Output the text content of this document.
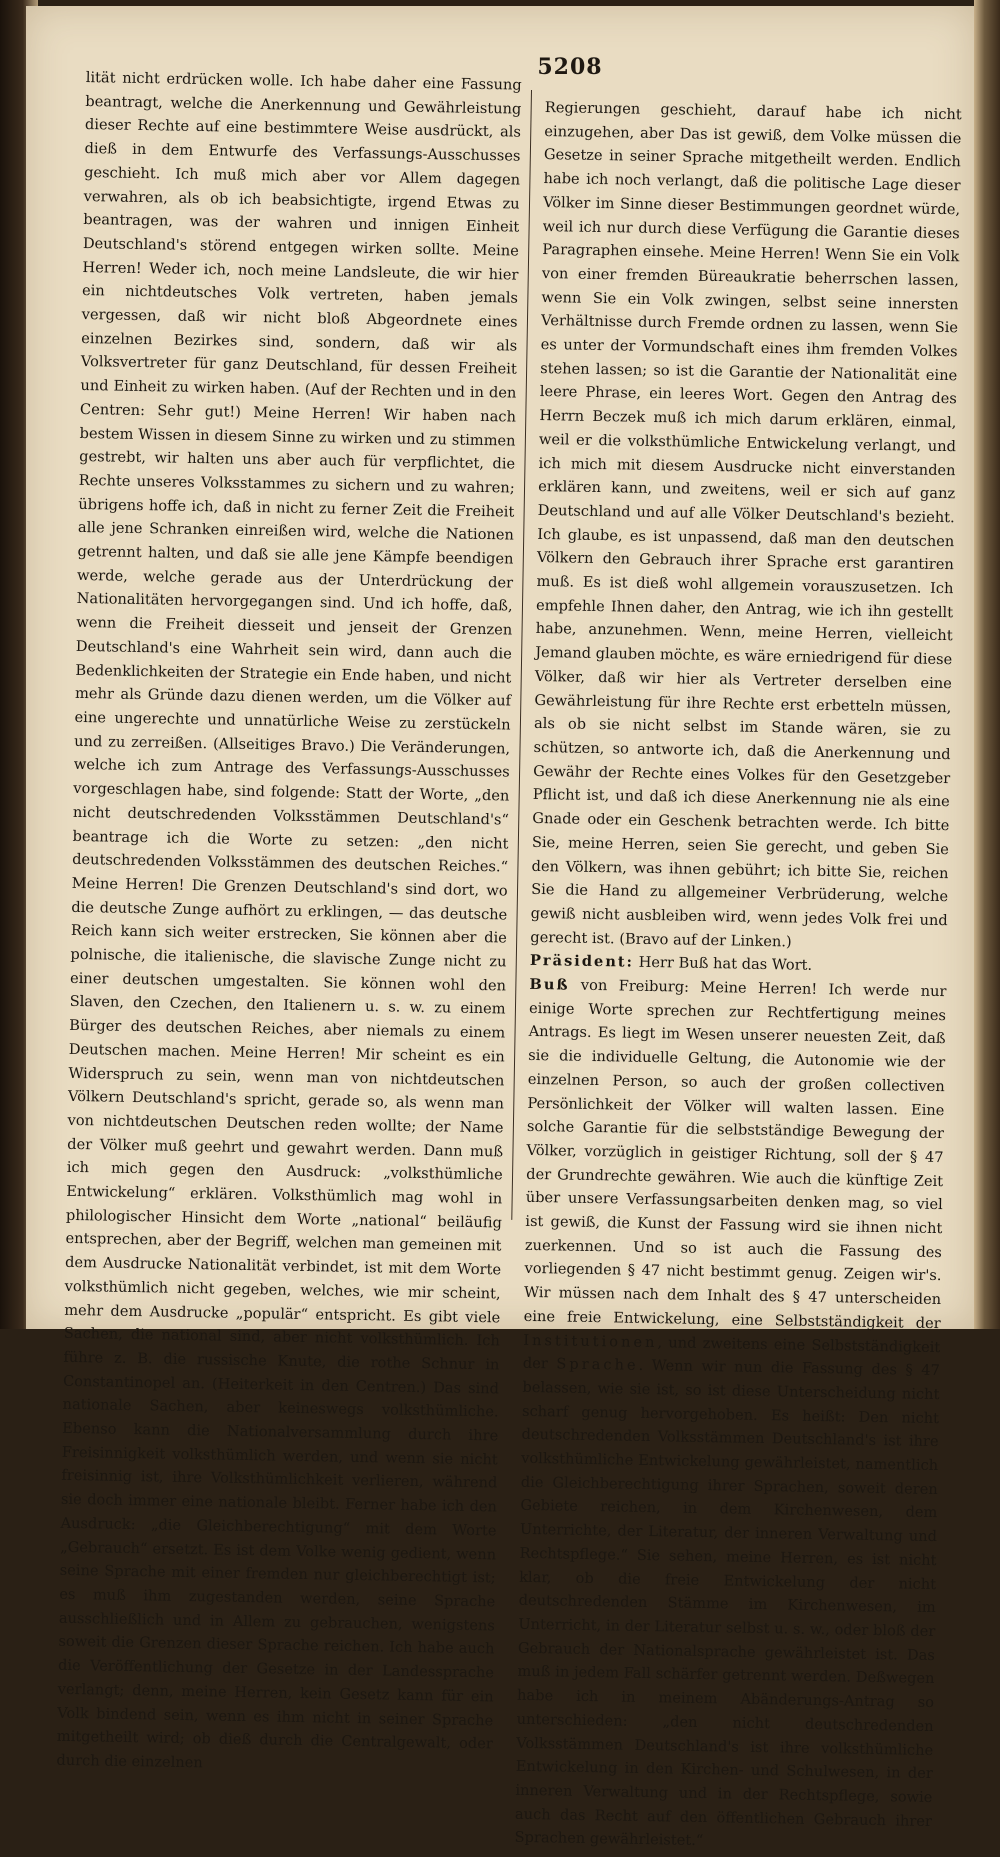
5208

lität nicht erdrücken wolle. Ich habe daher eine Fassung beantragt, welche die Anerkennung und Gewährleistung dieser Rechte auf eine bestimmtere Weise ausdrückt, als dieß in dem Entwurfe des Verfassungs-Ausschusses geschieht. Ich muß mich aber vor Allem dagegen verwahren, als ob ich beabsichtigte, irgend Etwas zu beantragen, was der wahren und innigen Einheit Deutschland's störend entgegen wirken sollte. Meine Herren! Weder ich, noch meine Landsleute, die wir hier ein nichtdeutsches Volk vertreten, haben jemals vergessen, daß wir nicht bloß Abgeordnete eines einzelnen Bezirkes sind, sondern, daß wir als Volksvertreter für ganz Deutschland, für dessen Freiheit und Einheit zu wirken haben. (Auf der Rechten und in den Centren: Sehr gut!) Meine Herren! Wir haben nach bestem Wissen in diesem Sinne zu wirken und zu stimmen gestrebt, wir halten uns aber auch für verpflichtet, die Rechte unseres Volksstammes zu sichern und zu wahren; übrigens hoffe ich, daß in nicht zu ferner Zeit die Freiheit alle jene Schranken einreißen wird, welche die Nationen getrennt halten, und daß sie alle jene Kämpfe beendigen werde, welche gerade aus der Unterdrückung der Nationalitäten hervorgegangen sind. Und ich hoffe, daß, wenn die Freiheit diesseit und jenseit der Grenzen Deutschland's eine Wahrheit sein wird, dann auch die Bedenklichkeiten der Strategie ein Ende haben, und nicht mehr als Gründe dazu dienen werden, um die Völker auf eine ungerechte und unnatürliche Weise zu zerstückeln und zu zerreißen. (Allseitiges Bravo.) Die Veränderungen, welche ich zum Antrage des Verfassungs-Ausschusses vorgeschlagen habe, sind folgende: Statt der Worte, „den nicht deutschredenden Volksstämmen Deutschland's“ beantrage ich die Worte zu setzen: „den nicht deutschredenden Volksstämmen des deutschen Reiches.“ Meine Herren! Die Grenzen Deutschland's sind dort, wo die deutsche Zunge aufhört zu erklingen, — das deutsche Reich kann sich weiter erstrecken, Sie können aber die polnische, die italienische, die slavische Zunge nicht zu einer deutschen umgestalten. Sie können wohl den Slaven, den Czechen, den Italienern u. s. w. zu einem Bürger des deutschen Reiches, aber niemals zu einem Deutschen machen. Meine Herren! Mir scheint es ein Widerspruch zu sein, wenn man von nichtdeutschen Völkern Deutschland's spricht, gerade so, als wenn man von nichtdeutschen Deutschen reden wollte; der Name der Völker muß geehrt und gewahrt werden. Dann muß ich mich gegen den Ausdruck: „volksthümliche Entwickelung“ erklären. Volksthümlich mag wohl in philologischer Hinsicht dem Worte „national“ beiläufig entsprechen, aber der Begriff, welchen man gemeinen mit dem Ausdrucke Nationalität verbindet, ist mit dem Worte volksthümlich nicht gegeben, welches, wie mir scheint, mehr dem Ausdrucke „populär“ entspricht. Es gibt viele Sachen, die national sind, aber nicht volksthümlich. Ich führe z. B. die russische Knute, die rothe Schnur in Constantinopel an. (Heiterkeit in den Centren.) Das sind nationale Sachen, aber keineswegs volksthümliche. Ebenso kann die Nationalversammlung durch ihre Freisinnigkeit volksthümlich werden, und wenn sie nicht freisinnig ist, ihre Volksthümlichkeit verlieren, während sie doch immer eine nationale bleibt. Ferner habe ich den Ausdruck: „die Gleichberechtigung“ mit dem Worte „Gebrauch“ ersetzt. Es ist dem Volke wenig gedient, wenn seine Sprache mit einer fremden nur gleichberechtigt ist; es muß ihm zugestanden werden, seine Sprache ausschließlich und in Allem zu gebrauchen, wenigstens soweit die Grenzen dieser Sprache reichen. Ich habe auch die Veröffentlichung der Gesetze in der Landessprache verlangt; denn, meine Herren, kein Gesetz kann für ein Volk bindend sein, wenn es ihm nicht in seiner Sprache mitgetheilt wird; ob dieß durch die Centralgewalt, oder durch die einzelnen

Regierungen geschieht, darauf habe ich nicht einzugehen, aber Das ist gewiß, dem Volke müssen die Gesetze in seiner Sprache mitgetheilt werden. Endlich habe ich noch verlangt, daß die politische Lage dieser Völker im Sinne dieser Bestimmungen geordnet würde, weil ich nur durch diese Verfügung die Garantie dieses Paragraphen einsehe. Meine Herren! Wenn Sie ein Volk von einer fremden Büreaukratie beherrschen lassen, wenn Sie ein Volk zwingen, selbst seine innersten Verhältnisse durch Fremde ordnen zu lassen, wenn Sie es unter der Vormundschaft eines ihm fremden Volkes stehen lassen; so ist die Garantie der Nationalität eine leere Phrase, ein leeres Wort. Gegen den Antrag des Herrn Beczek muß ich mich darum erklären, einmal, weil er die volksthümliche Entwickelung verlangt, und ich mich mit diesem Ausdrucke nicht einverstanden erklären kann, und zweitens, weil er sich auf ganz Deutschland und auf alle Völker Deutschland's bezieht. Ich glaube, es ist unpassend, daß man den deutschen Völkern den Gebrauch ihrer Sprache erst garantiren muß. Es ist dieß wohl allgemein vorauszusetzen. Ich empfehle Ihnen daher, den Antrag, wie ich ihn gestellt habe, anzunehmen. Wenn, meine Herren, vielleicht Jemand glauben möchte, es wäre erniedrigend für diese Völker, daß wir hier als Vertreter derselben eine Gewährleistung für ihre Rechte erst erbetteln müssen, als ob sie nicht selbst im Stande wären, sie zu schützen, so antworte ich, daß die Anerkennung und Gewähr der Rechte eines Volkes für den Gesetzgeber Pflicht ist, und daß ich diese Anerkennung nie als eine Gnade oder ein Geschenk betrachten werde. Ich bitte Sie, meine Herren, seien Sie gerecht, und geben Sie den Völkern, was ihnen gebührt; ich bitte Sie, reichen Sie die Hand zu allgemeiner Verbrüderung, welche gewiß nicht ausbleiben wird, wenn jedes Volk frei und gerecht ist. (Bravo auf der Linken.)

Präsident: Herr Buß hat das Wort.

Buß von Freiburg: Meine Herren! Ich werde nur einige Worte sprechen zur Rechtfertigung meines Antrags. Es liegt im Wesen unserer neuesten Zeit, daß sie die individuelle Geltung, die Autonomie wie der einzelnen Person, so auch der großen collectiven Persönlichkeit der Völker will walten lassen. Eine solche Garantie für die selbstständige Bewegung der Völker, vorzüglich in geistiger Richtung, soll der § 47 der Grundrechte gewähren. Wie auch die künftige Zeit über unsere Verfassungsarbeiten denken mag, so viel ist gewiß, die Kunst der Fassung wird sie ihnen nicht zuerkennen. Und so ist auch die Fassung des vorliegenden § 47 nicht bestimmt genug. Zeigen wir's. Wir müssen nach dem Inhalt des § 47 unterscheiden eine freie Entwickelung, eine Selbstständigkeit der Institutionen, und zweitens eine Selbstständigkeit der Sprache. Wenn wir nun die Fassung des § 47 belassen, wie sie ist, so ist diese Unterscheidung nicht scharf genug hervorgehoben. Es heißt: Den nicht deutschredenden Volksstämmen Deutschland's ist ihre volksthümliche Entwickelung gewährleistet, namentlich die Gleichberechtigung ihrer Sprachen, soweit deren Gebiete reichen, in dem Kirchenwesen, dem Unterrichte, der Literatur, der inneren Verwaltung und Rechtspflege.“ Sie sehen, meine Herren, es ist nicht klar, ob die freie Entwickelung der nicht deutschredenden Stämme im Kirchenwesen, im Unterricht, in der Literatur selbst u. s. w., oder bloß der Gebrauch der Nationalsprache gewährleistet ist. Das muß in jedem Fall schärfer getrennt werden. Deßwegen habe ich in meinem Abänderungs-Antrag so unterschieden: „den nicht deutschredenden Volksstämmen Deutschland's ist ihre volksthümliche Entwickelung in den Kirchen- und Schulwesen, in der inneren Verwaltung und in der Rechtspflege, sowie auch das Recht auf den öffentlichen Gebrauch ihrer Sprachen gewährleistet.“
